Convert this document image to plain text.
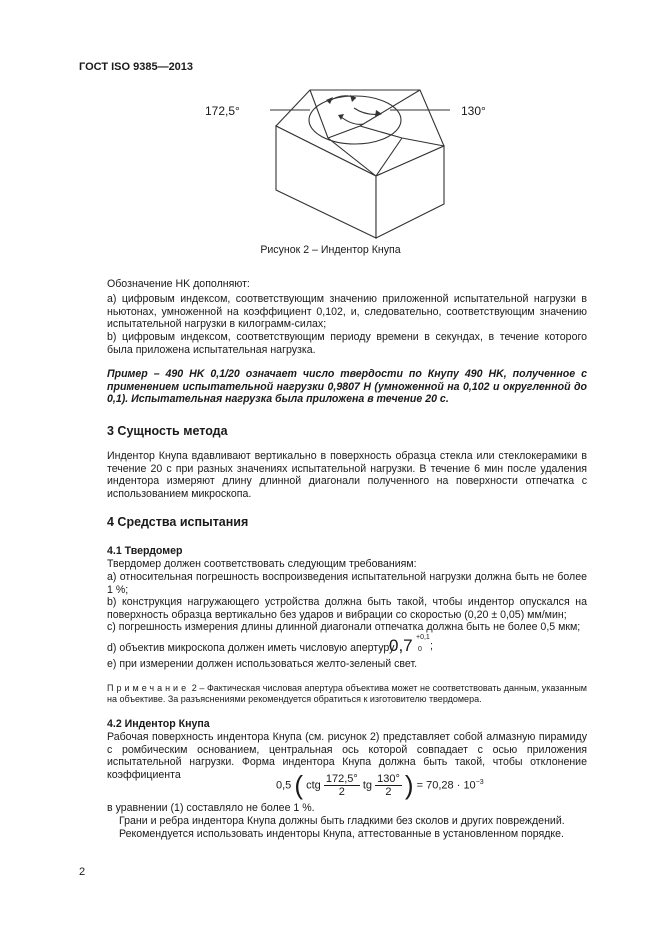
ГОСТ ISO 9385—2013
172,5°	130°
Рисунок 2 – Индентор Кнупа
Обозначение HK дополняют:
а) цифровым индексом, соответствующим значению приложенной испытательной нагрузки в ньютонах, умноженной на коэффициент 0,102, и, следовательно, соответствующим значению испытательной нагрузки в килограмм-силах;
b) цифровым индексом, соответствующим периоду времени в секундах, в течение которого была приложена испытательная нагрузка.
Пример – 490 HK 0,1/20 означает число твердости по Кнупу 490 HK, полученное с применением испытательной нагрузки 0,9807 Н (умноженной на 0,102 и округленной до 0,1). Испытательная нагрузка была приложена в течение 20 с.
3 Сущность метода
Индентор Кнупа вдавливают вертикально в поверхность образца стекла или стеклокерамики в течение 20 с при разных значениях испытательной нагрузки. В течение 6 мин после удаления индентора измеряют длину длинной диагонали полученного на поверхности отпечатка с использованием микроскопа.
4 Средства испытания
4.1 Твердомер
Твердомер должен соответствовать следующим требованиям:
а) относительная погрешность воспроизведения испытательной нагрузки должна быть не более 1 %;
b) конструкция нагружающего устройства должна быть такой, чтобы индентор опускался на поверхность образца вертикально без ударов и вибрации со скоростью (0,20 ± 0,05) мм/мин;
с) погрешность измерения длины длинной диагонали отпечатка должна быть не более 0,5 мкм;
d) объектив микроскопа должен иметь числовую апертуру
0,7 +0,1
0 ;
е) при измерении должен использоваться желто-зеленый свет.
Примечание 2 – Фактическая числовая апертура объектива может не соответствовать данным, указанным на объективе. За разъяснениями рекомендуется обратиться к изготовителю твердомера.
4.2 Индентор Кнупа
Рабочая поверхность индентора Кнупа (см. рисунок 2) представляет собой алмазную пирамиду с ромбическим основанием, центральная ось которой совпадает с осью приложения испытательной нагрузки. Форма индентора Кнупа должна быть такой, чтобы отклонение коэффициента
0,5 ( ctg $\frac{172,5^\circ}{2}$ tg $\frac{130^\circ}{2}$ ) = $70,28 \cdot 10^{-3}$
в уравнении (1) составляло не более 1 %.
Грани и ребра индентора Кнупа должны быть гладкими без сколов и других повреждений.
Рекомендуется использовать инденторы Кнупа, аттестованные в установленном порядке.
2
